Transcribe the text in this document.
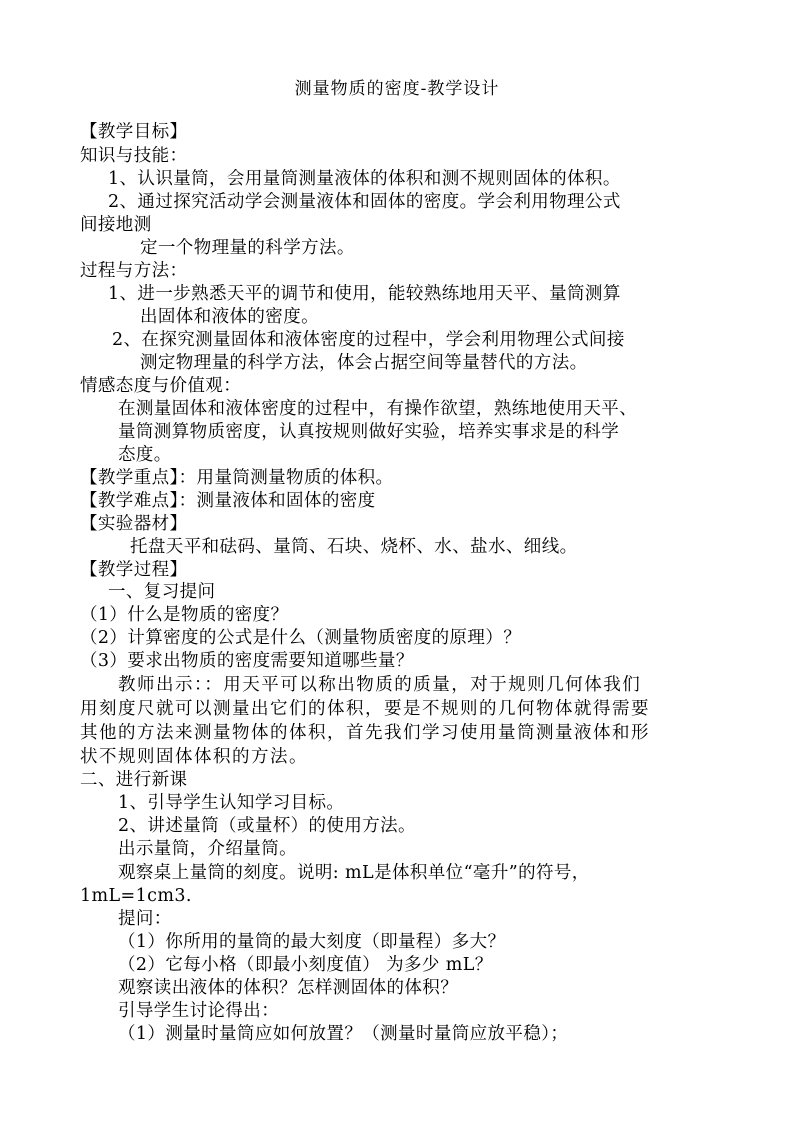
测量物质的密度-教学设计
【教学目标】
知识与技能：
1、认识量筒，会用量筒测量液体的体积和测不规则固体的体积。
2、通过探究活动学会测量液体和固体的密度。学会利用物理公式
间接地测
定一个物理量的科学方法。
过程与方法：
1、进一步熟悉天平的调节和使用，能较熟练地用天平、量筒测算
出固体和液体的密度。
2、在探究测量固体和液体密度的过程中，学会利用物理公式间接
测定物理量的科学方法，体会占据空间等量替代的方法。
情感态度与价值观：
在测量固体和液体密度的过程中，有操作欲望，熟练地使用天平、
量筒测算物质密度，认真按规则做好实验，培养实事求是的科学
态度。
【教学重点】：用量筒测量物质的体积。
【教学难点】：测量液体和固体的密度
【实验器材】
托盘天平和砝码、量筒、石块、烧杯、水、盐水、细线。
【教学过程】
一、复习提问
（1）什么是物质的密度？
（2）计算密度的公式是什么（测量物质密度的原理）？
（3）要求出物质的密度需要知道哪些量？
教师出示：：用天平可以称出物质的质量，对于规则几何体我们
用刻度尺就可以测量出它们的体积，要是不规则的几何物体就得需要
其他的方法来测量物体的体积，首先我们学习使用量筒测量液体和形
状不规则固体体积的方法。
二、进行新课
1、引导学生认知学习目标。
2、讲述量筒（或量杯）的使用方法。
出示量筒，介绍量筒。
观察桌上量筒的刻度。说明: mL是体积单位“毫升”的符号，
1mL=1cm3.
提问：
（1）你所用的量筒的最大刻度（即量程）多大？
（2）它每小格（即最小刻度值） 为多少 mL？
观察读出液体的体积？怎样测固体的体积？
引导学生讨论得出：
（1）测量时量筒应如何放置？（测量时量筒应放平稳）；
